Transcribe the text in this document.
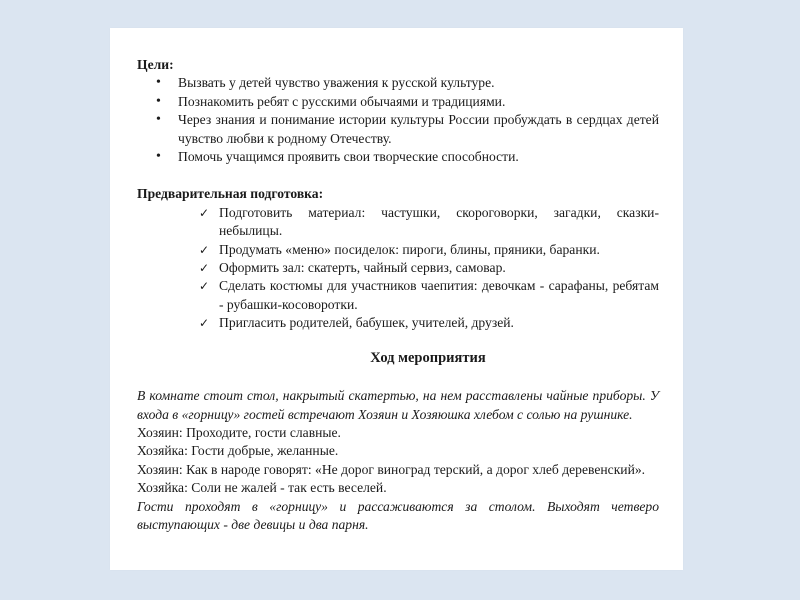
Цели:

• Вызвать у детей чувство уважения к русской культуре.
• Познакомить ребят с русскими обычаями и традициями.
• Через знания и понимание истории культуры России пробуждать в сердцах детей чувство любви к родному Отечеству.
• Помочь учащимся проявить свои творческие способности.

Предварительная подготовка:

✓ Подготовить материал: частушки, скороговорки, загадки, сказки-небылицы.
✓ Продумать «меню» посиделок: пироги, блины, пряники, баранки.
✓ Оформить зал: скатерть, чайный сервиз, самовар.
✓ Сделать костюмы для участников чаепития: девочкам - сарафаны, ребятам - рубашки-косоворотки.
✓ Пригласить родителей, бабушек, учителей, друзей.
Ход мероприятия

В комнате стоит стол, накрытый скатертью, на нем расставлены чайные приборы. У входа в «горницу» гостей встречают Хозяин и Хозяюшка хлебом с солью на рушнике.

Хозяин: Проходите, гости славные.

Хозяйка: Гости добрые, желанные.

Хозяин: Как в народе говорят: «Не дорог виноград терский, а дорог хлеб деревенский».

Хозяйка: Соли не жалей - так есть веселей.

Гости проходят в «горницу» и рассаживаются за столом. Выходят четверо выступающих - две девицы и два парня.
